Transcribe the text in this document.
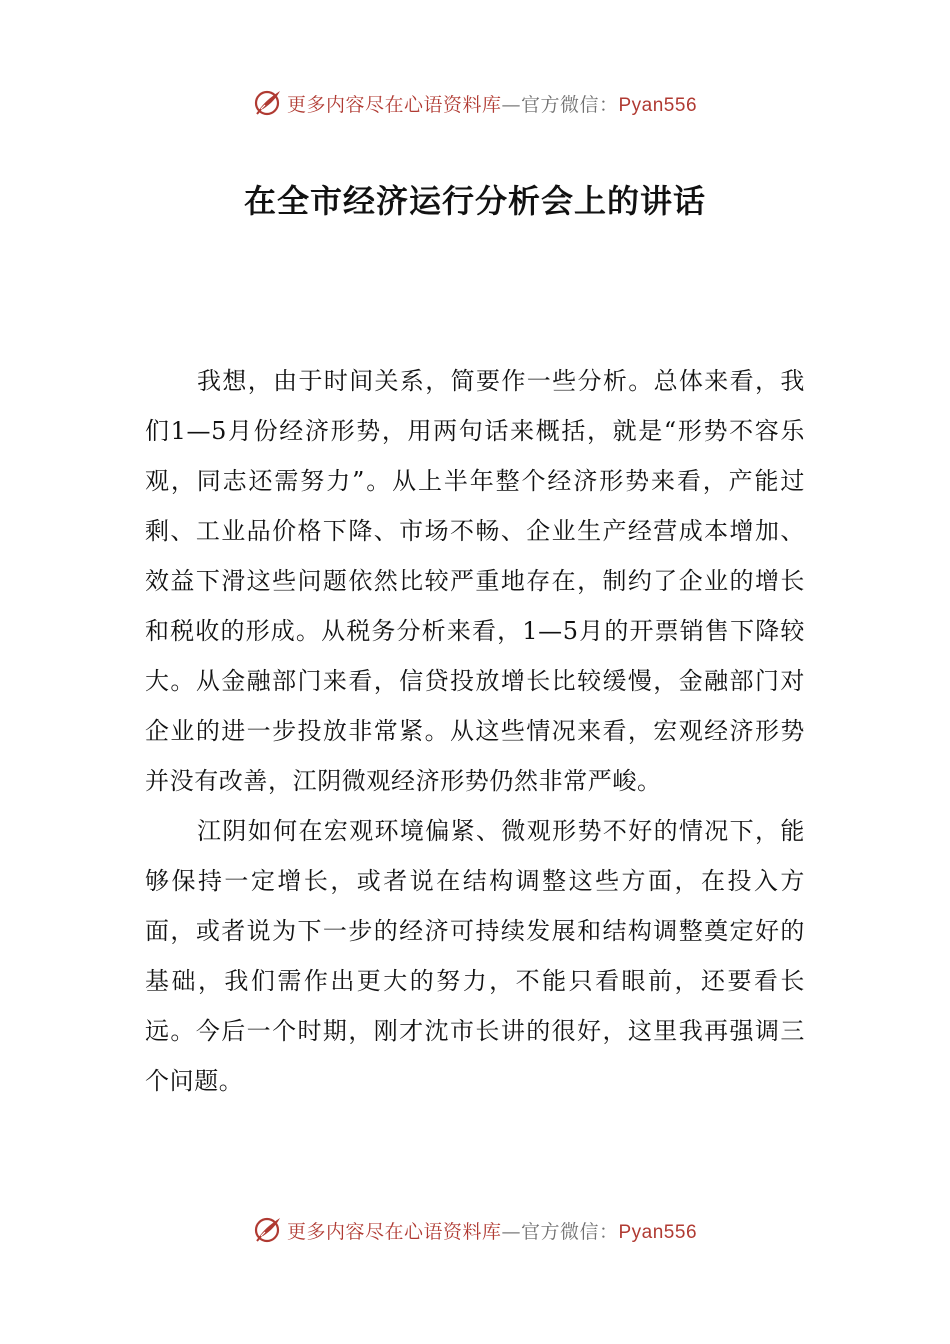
更多内容尽在心语资料库—官方微信：Pyan556
在全市经济运行分析会上的讲话

我想，由于时间关系，简要作一些分析。总体来看，我们1—5月份经济形势，用两句话来概括，就是“形势不容乐观，同志还需努力”。从上半年整个经济形势来看，产能过剩、工业品价格下降、市场不畅、企业生产经营成本增加、效益下滑这些问题依然比较严重地存在，制约了企业的增长和税收的形成。从税务分析来看，1—5月的开票销售下降较大。从金融部门来看，信贷投放增长比较缓慢，金融部门对企业的进一步投放非常紧。从这些情况来看，宏观经济形势并没有改善，江阴微观经济形势仍然非常严峻。

江阴如何在宏观环境偏紧、微观形势不好的情况下，能够保持一定增长，或者说在结构调整这些方面，在投入方面，或者说为下一步的经济可持续发展和结构调整奠定好的基础，我们需作出更大的努力，不能只看眼前，还要看长远。今后一个时期，刚才沈市长讲的很好，这里我再强调三个问题。

更多内容尽在心语资料库—官方微信：Pyan556
